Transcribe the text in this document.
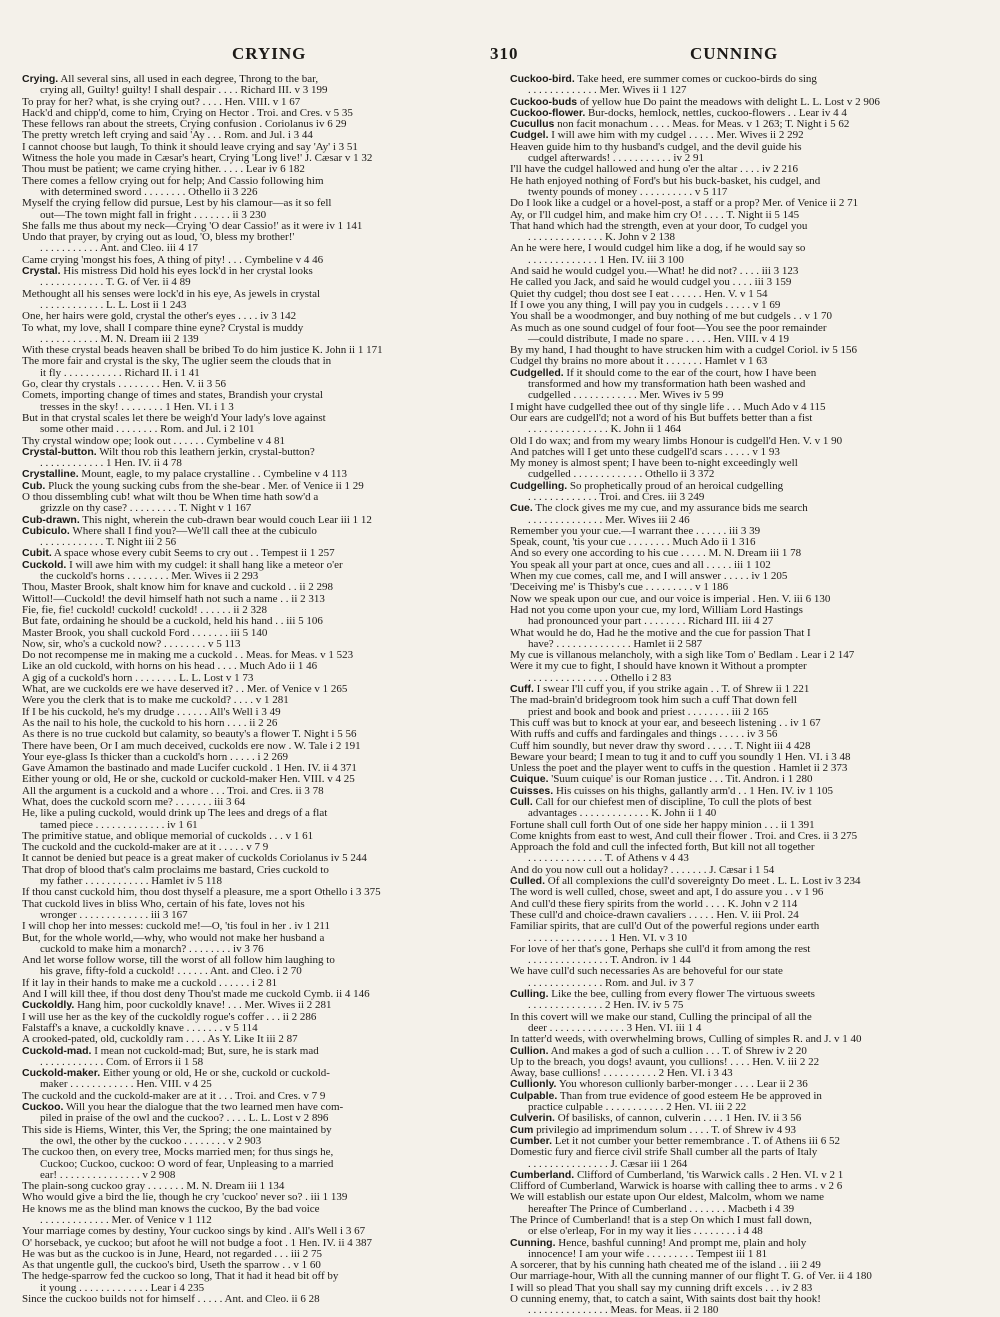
CRYING	310	CUNNING
Crying. All several sins, all used in each degree, Throng to the bar,
crying all, Guilty! guilty! I shall despair . . . . Richard III. v 3 199
To pray for her? what, is she crying out? . . . . Hen. VIII. v 1 67
Hack'd and chipp'd, come to him, Crying on Hector . Troi. and Cres. v 5 35
These fellows ran about the streets, Crying confusion . Coriolanus iv 6 29
The pretty wretch left crying and said 'Ay . . . Rom. and Jul. i 3 44
I cannot choose but laugh, To think it should leave crying and say 'Ay' i 3 51
Witness the hole you made in Cæsar's heart, Crying 'Long live!' J. Cæsar v 1 32
Thou must be patient; we came crying hither. . . . . Lear iv 6 182
There comes a fellow crying out for help; And Cassio following him
with determined sword . . . . . . . . Othello ii 3 226
Myself the crying fellow did pursue, Lest by his clamour—as it so fell
out—The town might fall in fright . . . . . . . ii 3 230
She falls me thus about my neck—Crying 'O dear Cassio!' as it were iv 1 141
Undo that prayer, by crying out as loud, 'O, bless my brother!'
. . . . . . . . . . . Ant. and Cleo. iii 4 17
Came crying 'mongst his foes, A thing of pity! . . . Cymbeline v 4 46
Crystal. His mistress Did hold his eyes lock'd in her crystal looks
. . . . . . . . . . . . T. G. of Ver. ii 4 89
Methought all his senses were lock'd in his eye, As jewels in crystal
. . . . . . . . . . . . L. L. Lost ii 1 243
One, her hairs were gold, crystal the other's eyes . . . . iv 3 142
To what, my love, shall I compare thine eyne? Crystal is muddy
. . . . . . . . . . . M. N. Dream iii 2 139
With these crystal beads heaven shall be bribed To do him justice K. John ii 1 171
The more fair and crystal is the sky, The uglier seem the clouds that in
it fly . . . . . . . . . . . Richard II. i 1 41
Go, clear thy crystals . . . . . . . . Hen. V. ii 3 56
Comets, importing change of times and states, Brandish your crystal
tresses in the sky! . . . . . . . . 1 Hen. VI. i 1 3
But in that crystal scales let there be weigh'd Your lady's love against
some other maid . . . . . . . . Rom. and Jul. i 2 101
Thy crystal window ope; look out . . . . . . Cymbeline v 4 81
Crystal-button. Wilt thou rob this leathern jerkin, crystal-button?
. . . . . . . . . . . . 1 Hen. IV. ii 4 78
Crystalline. Mount, eagle, to my palace crystalline . . Cymbeline v 4 113
Cub. Pluck the young sucking cubs from the she-bear . Mer. of Venice ii 1 29
O thou dissembling cub! what wilt thou be When time hath sow'd a
grizzle on thy case? . . . . . . . . . T. Night v 1 167
Cub-drawn. This night, wherein the cub-drawn bear would couch Lear iii 1 12
Cubiculo. Where shall I find you?—We'll call thee at the cubiculo
. . . . . . . . . . . . T. Night iii 2 56
Cubit. A space whose every cubit Seems to cry out . . Tempest ii 1 257
Cuckold. I will awe him with my cudgel: it shall hang like a meteor o'er
the cuckold's horns . . . . . . . . Mer. Wives ii 2 293
Thou, Master Brook, shalt know him for knave and cuckold . . ii 2 298
Wittol!—Cuckold! the devil himself hath not such a name . . ii 2 313
Fie, fie, fie! cuckold! cuckold! cuckold! . . . . . . ii 2 328
But fate, ordaining he should be a cuckold, held his hand . . iii 5 106
Master Brook, you shall cuckold Ford . . . . . . . iii 5 140
Now, sir, who's a cuckold now? . . . . . . . . v 5 113
Do not recompense me in making me a cuckold . . Meas. for Meas. v 1 523
Like an old cuckold, with horns on his head . . . . Much Ado ii 1 46
A gig of a cuckold's horn . . . . . . . . L. L. Lost v 1 73
What, are we cuckolds ere we have deserved it? . . Mer. of Venice v 1 265
Were you the clerk that is to make me cuckold? . . . . v 1 281
If I be his cuckold, he's my drudge . . . . . . All's Well i 3 49
As the nail to his hole, the cuckold to his horn . . . . ii 2 26
As there is no true cuckold but calamity, so beauty's a flower T. Night i 5 56
There have been, Or I am much deceived, cuckolds ere now . W. Tale i 2 191
Your eye-glass Is thicker than a cuckold's horn . . . . . i 2 269
Gave Amamon the bastinado and made Lucifer cuckold . 1 Hen. IV. ii 4 371
Either young or old, He or she, cuckold or cuckold-maker Hen. VIII. v 4 25
All the argument is a cuckold and a whore . . . Troi. and Cres. ii 3 78
What, does the cuckold scorn me? . . . . . . . iii 3 64
He, like a puling cuckold, would drink up The lees and dregs of a flat
tamed piece . . . . . . . . . . . . . iv 1 61
The primitive statue, and oblique memorial of cuckolds . . . v 1 61
The cuckold and the cuckold-maker are at it . . . . . v 7 9
It cannot be denied but peace is a great maker of cuckolds Coriolanus iv 5 244
That drop of blood that's calm proclaims me bastard, Cries cuckold to
my father . . . . . . . . . . . . Hamlet iv 5 118
If thou canst cuckold him, thou dost thyself a pleasure, me a sport Othello i 3 375
That cuckold lives in bliss Who, certain of his fate, loves not his
wronger . . . . . . . . . . . . . iii 3 167
I will chop her into messes: cuckold me!—O, 'tis foul in her . iv 1 211
But, for the whole world,—why, who would not make her husband a
cuckold to make him a monarch? . . . . . . . . iv 3 76
And let worse follow worse, till the worst of all follow him laughing to
his grave, fifty-fold a cuckold! . . . . . . Ant. and Cleo. i 2 70
If it lay in their hands to make me a cuckold . . . . . . i 2 81
And I will kill thee, if thou dost deny Thou'st made me cuckold Cymb. ii 4 146
Cuckoldly. Hang him, poor cuckoldly knave! . . . Mer. Wives ii 2 281
I will use her as the key of the cuckoldly rogue's coffer . . . ii 2 286
Falstaff's a knave, a cuckoldly knave . . . . . . . v 5 114
A crooked-pated, old, cuckoldly ram . . . . As Y. Like It iii 2 87
Cuckold-mad. I mean not cuckold-mad; But, sure, he is stark mad
. . . . . . . . . . . . Com. of Errors ii 1 58
Cuckold-maker. Either young or old, He or she, cuckold or cuckold-
maker . . . . . . . . . . . . Hen. VIII. v 4 25
The cuckold and the cuckold-maker are at it . . . Troi. and Cres. v 7 9
Cuckoo. Will you hear the dialogue that the two learned men have com-
piled in praise of the owl and the cuckoo? . . . . L. L. Lost v 2 896
This side is Hiems, Winter, this Ver, the Spring; the one maintained by
the owl, the other by the cuckoo . . . . . . . . v 2 903
The cuckoo then, on every tree, Mocks married men; for thus sings he,
Cuckoo; Cuckoo, cuckoo: O word of fear, Unpleasing to a married
ear! . . . . . . . . . . . . . . . v 2 908
The plain-song cuckoo gray . . . . . . . M. N. Dream iii 1 134
Who would give a bird the lie, though he cry 'cuckoo' never so? . iii 1 139
He knows me as the blind man knows the cuckoo, By the bad voice
. . . . . . . . . . . . . Mer. of Venice v 1 112
Your marriage comes by destiny, Your cuckoo sings by kind . All's Well i 3 67
O' horseback, ye cuckoo; but afoot he will not budge a foot . 1 Hen. IV. ii 4 387
He was but as the cuckoo is in June, Heard, not regarded . . . iii 2 75
As that ungentle gull, the cuckoo's bird, Useth the sparrow . . v 1 60
The hedge-sparrow fed the cuckoo so long, That it had it head bit off by
it young . . . . . . . . . . . . . Lear i 4 235
Since the cuckoo builds not for himself . . . . . Ant. and Cleo. ii 6 28
Cuckoo-bird. Take heed, ere summer comes or cuckoo-birds do sing
. . . . . . . . . . . . . Mer. Wives ii 1 127
Cuckoo-buds of yellow hue Do paint the meadows with delight L. L. Lost v 2 906
Cuckoo-flower. Bur-docks, hemlock, nettles, cuckoo-flowers . . Lear iv 4 4
Cucullus non facit monachum . . . . Meas. for Meas. v 1 263; T. Night i 5 62
Cudgel. I will awe him with my cudgel . . . . . Mer. Wives ii 2 292
Heaven guide him to thy husband's cudgel, and the devil guide his
cudgel afterwards! . . . . . . . . . . . iv 2 91
I'll have the cudgel hallowed and hung o'er the altar . . . . iv 2 216
He hath enjoyed nothing of Ford's but his buck-basket, his cudgel, and
twenty pounds of money . . . . . . . . . . v 5 117
Do I look like a cudgel or a hovel-post, a staff or a prop? Mer. of Venice ii 2 71
Ay, or I'll cudgel him, and make him cry O! . . . . T. Night ii 5 145
That hand which had the strength, even at your door, To cudgel you
. . . . . . . . . . . . . . K. John v 2 138
An he were here, I would cudgel him like a dog, if he would say so
. . . . . . . . . . . . . 1 Hen. IV. iii 3 100
And said he would cudgel you.—What! he did not? . . . . iii 3 123
He called you Jack, and said he would cudgel you . . . . iii 3 159
Quiet thy cudgel; thou dost see I eat . . . . . . Hen. V. v 1 54
If I owe you any thing, I will pay you in cudgels . . . . . v 1 69
You shall be a woodmonger, and buy nothing of me but cudgels . . v 1 70
As much as one sound cudgel of four foot—You see the poor remainder
—could distribute, I made no spare . . . . . Hen. VIII. v 4 19
By my hand, I had thought to have strucken him with a cudgel Coriol. iv 5 156
Cudgel thy brains no more about it . . . . . . . Hamlet v 1 63
Cudgelled. If it should come to the ear of the court, how I have been
transformed and how my transformation hath been washed and
cudgelled . . . . . . . . . . . . Mer. Wives iv 5 99
I might have cudgelled thee out of thy single life . . . Much Ado v 4 115
Our ears are cudgell'd; not a word of his But buffets better than a fist
. . . . . . . . . . . . . . . K. John ii 1 464
Old I do wax; and from my weary limbs Honour is cudgell'd Hen. V. v 1 90
And patches will I get unto these cudgell'd scars . . . . . v 1 93
My money is almost spent; I have been to-night exceedingly well
cudgelled . . . . . . . . . . . . . Othello ii 3 372
Cudgelling. So prophetically proud of an heroical cudgelling
. . . . . . . . . . . . . Troi. and Cres. iii 3 249
Cue. The clock gives me my cue, and my assurance bids me search
. . . . . . . . . . . . . . Mer. Wives iii 2 46
Remember you your cue.—I warrant thee . . . . . . iii 3 39
Speak, count, 'tis your cue . . . . . . . . Much Ado ii 1 316
And so every one according to his cue . . . . . M. N. Dream iii 1 78
You speak all your part at once, cues and all . . . . . iii 1 102
When my cue comes, call me, and I will answer . . . . . iv 1 205
'Deceiving me' is Thisby's cue . . . . . . . . . v 1 186
Now we speak upon our cue, and our voice is imperial . Hen. V. iii 6 130
Had not you come upon your cue, my lord, William Lord Hastings
had pronounced your part . . . . . . . . Richard III. iii 4 27
What would he do, Had he the motive and the cue for passion That I
have? . . . . . . . . . . . . . . Hamlet ii 2 587
My cue is villanous melancholy, with a sigh like Tom o' Bedlam . Lear i 2 147
Were it my cue to fight, I should have known it Without a prompter
. . . . . . . . . . . . . . . Othello i 2 83
Cuff. I swear I'll cuff you, if you strike again . . T. of Shrew ii 1 221
The mad-brain'd bridegroom took him such a cuff That down fell
priest and book and book and priest . . . . . . . . iii 2 165
This cuff was but to knock at your ear, and beseech listening . . iv 1 67
With ruffs and cuffs and fardingales and things . . . . . iv 3 56
Cuff him soundly, but never draw thy sword . . . . . T. Night iii 4 428
Beware your beard; I mean to tug it and to cuff you soundly 1 Hen. VI. i 3 48
Unless the poet and the player went to cuffs in the question . Hamlet ii 2 373
Cuique. 'Suum cuique' is our Roman justice . . . Tit. Andron. i 1 280
Cuisses. His cuisses on his thighs, gallantly arm'd . . 1 Hen. IV. iv 1 105
Cull. Call for our chiefest men of discipline, To cull the plots of best
advantages . . . . . . . . . . . . . K. John ii 1 40
Fortune shall cull forth Out of one side her happy minion . . . ii 1 391
Come knights from east to west, And cull their flower . Troi. and Cres. ii 3 275
Approach the fold and cull the infected forth, But kill not all together
. . . . . . . . . . . . . . T. of Athens v 4 43
And do you now cull out a holiday? . . . . . . . J. Cæsar i 1 54
Culled. Of all complexions the cull'd sovereignty Do meet . L. L. Lost iv 3 234
The word is well culled, chose, sweet and apt, I do assure you . . v 1 96
And cull'd these fiery spirits from the world . . . . K. John v 2 114
These cull'd and choice-drawn cavaliers . . . . . Hen. V. iii Prol. 24
Familiar spirits, that are cull'd Out of the powerful regions under earth
. . . . . . . . . . . . . . . 1 Hen. VI. v 3 10
For love of her that's gone, Perhaps she cull'd it from among the rest
. . . . . . . . . . . . . . . T. Andron. iv 1 44
We have cull'd such necessaries As are behoveful for our state
. . . . . . . . . . . . . . Rom. and Jul. iv 3 7
Culling. Like the bee, culling from every flower The virtuous sweets
. . . . . . . . . . . . . . 2 Hen. IV. iv 5 75
In this covert will we make our stand, Culling the principal of all the
deer . . . . . . . . . . . . . . 3 Hen. VI. iii 1 4
In tatter'd weeds, with overwhelming brows, Culling of simples R. and J. v 1 40
Cullion. And makes a god of such a cullion . . . T. of Shrew iv 2 20
Up to the breach, you dogs! avaunt, you cullions! . . . . Hen. V. iii 2 22
Away, base cullions! . . . . . . . . . . 2 Hen. VI. i 3 43
Cullionly. You whoreson cullionly barber-monger . . . . Lear ii 2 36
Culpable. Than from true evidence of good esteem He be approved in
practice culpable . . . . . . . . . . . 2 Hen. VI. iii 2 22
Culverin. Of basilisks, of cannon, culverin . . . . 1 Hen. IV. ii 3 56
Cum privilegio ad imprimendum solum . . . . T. of Shrew iv 4 93
Cumber. Let it not cumber your better remembrance . T. of Athens iii 6 52
Domestic fury and fierce civil strife Shall cumber all the parts of Italy
. . . . . . . . . . . . . . . J. Cæsar iii 1 264
Cumberland. Clifford of Cumberland, 'tis Warwick calls . 2 Hen. VI. v 2 1
Clifford of Cumberland, Warwick is hoarse with calling thee to arms . v 2 6
We will establish our estate upon Our eldest, Malcolm, whom we name
hereafter The Prince of Cumberland . . . . . . . Macbeth i 4 39
The Prince of Cumberland! that is a step On which I must fall down,
or else o'erleap, For in my way it lies . . . . . . . . i 4 48
Cunning. Hence, bashful cunning! And prompt me, plain and holy
innocence! I am your wife . . . . . . . . . Tempest iii 1 81
A sorcerer, that by his cunning hath cheated me of the island . . iii 2 49
Our marriage-hour, With all the cunning manner of our flight T. G. of Ver. ii 4 180
I will so plead That you shall say my cunning drift excels . . . iv 2 83
O cunning enemy, that, to catch a saint, With saints dost bait thy hook!
. . . . . . . . . . . . . . . Meas. for Meas. ii 2 180
